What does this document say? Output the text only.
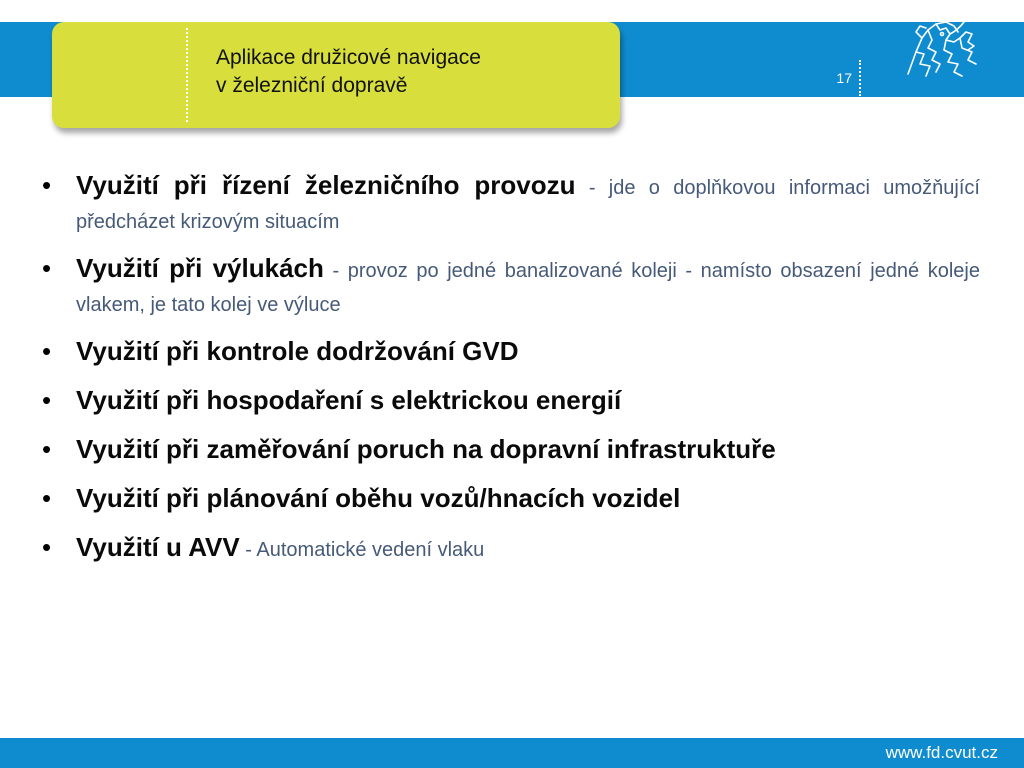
Aplikace družicové navigace
v železniční dopravě	17
• Využití při řízení železničního provozu - jde o doplňkovou informaci umožňující předcházet krizovým situacím
• Využití při výlukách - provoz po jedné banalizované koleji - namísto obsazení jedné koleje vlakem, je tato kolej ve výluce
• Využití při kontrole dodržování GVD
• Využití při hospodaření s elektrickou energií
• Využití při zaměřování poruch na dopravní infrastruktuře
• Využití při plánování oběhu vozů/hnacích vozidel
• Využití u AVV - Automatické vedení vlaku
www.fd.cvut.cz
